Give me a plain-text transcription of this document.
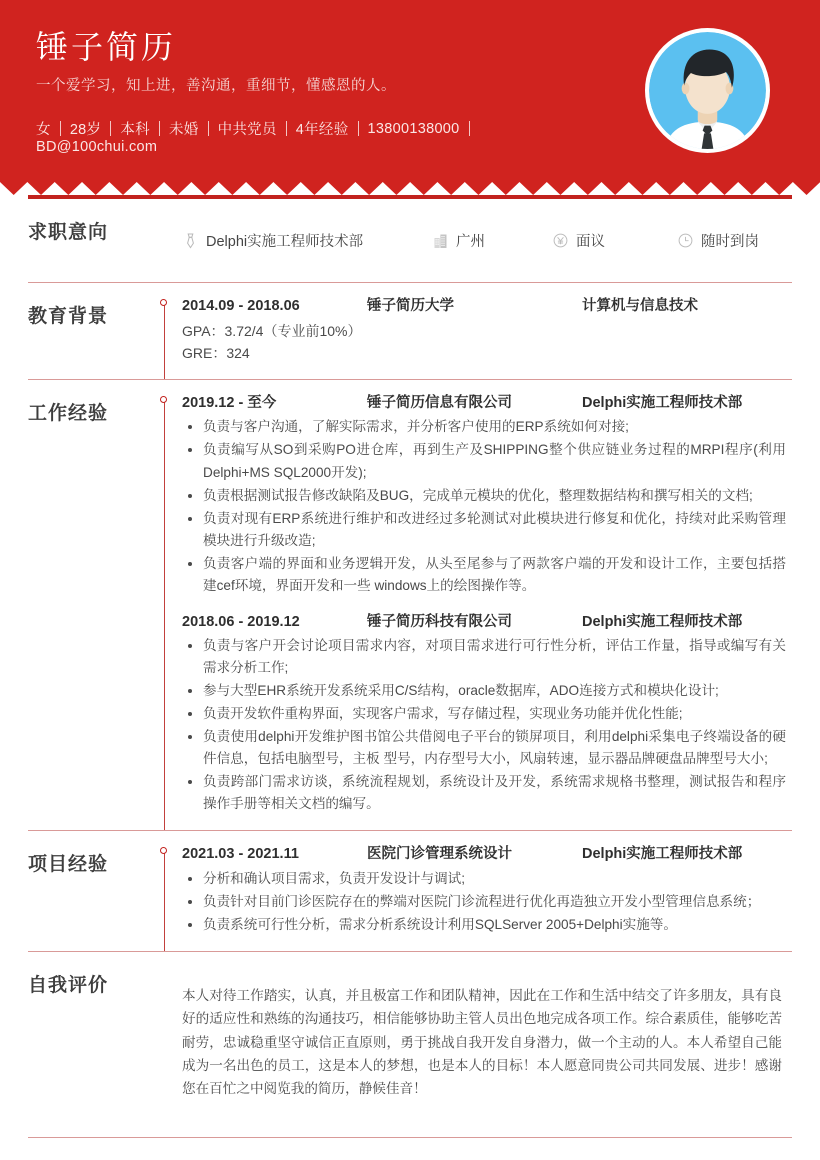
锤子简历
一个爱学习，知上进，善沟通，重细节，懂感恩的人。
女 28岁 本科 未婚 中共党员 4年经验 13800138000
BD@100chui.com
求职意向	Delphi实施工程师技术部	广州	面议	随时到岗
教育背景	2014.09 - 2018.06	锤子简历大学	计算机与信息技术
GPA：3.72/4（专业前10%）
GRE：324
工作经验	2019.12 - 至今	锤子简历信息有限公司	Delphi实施工程师技术部
负责与客户沟通，了解实际需求，并分析客户使用的ERP系统如何对接;
负责编写从SO到采购PO进仓库，再到生产及SHIPPING整个供应链业务过程的MRPI程序(利用Delphi+MS SQL2000开发);
负责根据测试报告修改缺陷及BUG，完成单元模块的优化，整理数据结构和撰写相关的文档;
负责对现有ERP系统进行维护和改进经过多轮测试对此模块进行修复和优化，持续对此采购管理模块进行升级改造;
负责客户端的界面和业务逻辑开发，从头至尾参与了两款客户端的开发和设计工作，主要包括搭建cef环境，界面开发和一些 windows上的绘图操作等。
2018.06 - 2019.12	锤子简历科技有限公司	Delphi实施工程师技术部
负责与客户开会讨论项目需求内容，对项目需求进行可行性分析，评估工作量，指导或编写有关需求分析工作;
参与大型EHR系统开发系统采用C/S结构，oracle数据库，ADO连接方式和模块化设计;
负责开发软件重构界面，实现客户需求，写存储过程，实现业务功能并优化性能;
负责使用delphi开发维护图书馆公共借阅电子平台的锁屏项目，利用delphi采集电子终端设备的硬件信息，包括电脑型号，主板 型号，内存型号大小，风扇转速，显示器品牌硬盘品牌型号大小;
负责跨部门需求访谈，系统流程规划，系统设计及开发，系统需求规格书整理，测试报告和程序操作手册等相关文档的编写。
项目经验	2021.03 - 2021.11	医院门诊管理系统设计	Delphi实施工程师技术部
分析和确认项目需求，负责开发设计与调试;
负责针对目前门诊医院存在的弊端对医院门诊流程进行优化再造独立开发小型管理信息系统；
负责系统可行性分析，需求分析系统设计利用SQLServer 2005+Delphi实施等。
自我评价	本人对待工作踏实，认真，并且极富工作和团队精神，因此在工作和生活中结交了许多朋友，具有良好的适应性和熟练的沟通技巧，相信能够协助主管人员出色地完成各项工作。综合素质佳，能够吃苦耐劳，忠诚稳重坚守诚信正直原则，勇于挑战自我开发自身潜力，做一个主动的人。本人希望自己能成为一名出色的员工，这是本人的梦想，也是本人的目标！本人愿意同贵公司共同发展、进步！感谢您在百忙之中阅览我的简历，静候佳音！
